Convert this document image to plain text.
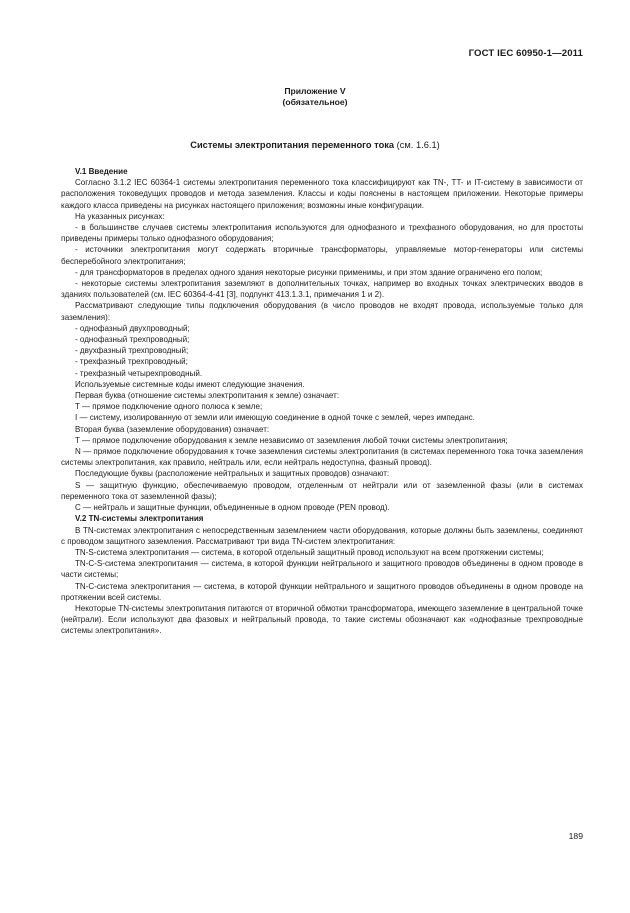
ГОСТ IEC 60950-1—2011
Приложение V
(обязательное)
Системы электропитания переменного тока (см. 1.6.1)

V.1 Введение

Согласно 3.1.2 IEC 60364-1 системы электропитания переменного тока классифицируют как TN-, TT- и IT-систему в зависимости от расположения токоведущих проводов и метода заземления. Классы и коды пояснены в настоящем приложении. Некоторые примеры каждого класса приведены на рисунках настоящего приложения; возможны иные конфигурации.

На указанных рисунках:

- в большинстве случаев системы электропитания используются для однофазного и трехфазного оборудования, но для простоты приведены примеры только однофазного оборудования;

- источники электропитания могут содержать вторичные трансформаторы, управляемые мотор-генераторы или системы бесперебойного электропитания;

- для трансформаторов в пределах одного здания некоторые рисунки применимы, и при этом здание ограничено его полом;

- некоторые системы электропитания заземляют в дополнительных точках, например во входных точках электрических вводов в зданиях пользователей (см. IEC 60364-4-41 [3], подпункт 413.1.3.1, примечания 1 и 2).

Рассматривают следующие типы подключения оборудования (в число проводов не входят провода, используемые только для заземления):

- однофазный двухпроводный;

- однофазный трехпроводный;

- двухфазный трехпроводный;

- трехфазный трехпроводный;

- трехфазный четырехпроводный.

Используемые системные коды имеют следующие значения.

Первая буква (отношение системы электропитания к земле) означает:

T — прямое подключение одного полюса к земле;

I — систему, изолированную от земли или имеющую соединение в одной точке с землей, через импеданс.

Вторая буква (заземление оборудования) означает:

T — прямое подключение оборудования к земле независимо от заземления любой точки системы электропитания;

N — прямое подключение оборудования к точке заземления системы электропитания (в системах переменного тока точка заземления системы электропитания, как правило, нейтраль или, если нейтраль недоступна, фазный провод).

Последующие буквы (расположение нейтральных и защитных проводов) означают:

S — защитную функцию, обеспечиваемую проводом, отделенным от нейтрали или от заземленной фазы (или в системах переменного тока от заземленной фазы);

C — нейтраль и защитные функции, объединенные в одном проводе (PEN провод).

V.2 TN-системы электропитания

В TN-системах электропитания с непосредственным заземлением части оборудования, которые должны быть заземлены, соединяют с проводом защитного заземления. Рассматривают три вида TN-систем электропитания:

TN-S-система электропитания — система, в которой отдельный защитный провод используют на всем протяжении системы;

TN-C-S-система электропитания — система, в которой функции нейтрального и защитного проводов объединены в одном проводе в части системы;

TN-C-система электропитания — система, в которой функции нейтрального и защитного проводов объединены в одном проводе на протяжении всей системы.

Некоторые TN-системы электропитания питаются от вторичной обмотки трансформатора, имеющего заземление в центральной точке (нейтрали). Если используют два фазовых и нейтральный провода, то такие системы обозначают как «однофазные трехпроводные системы электропитания».

189
